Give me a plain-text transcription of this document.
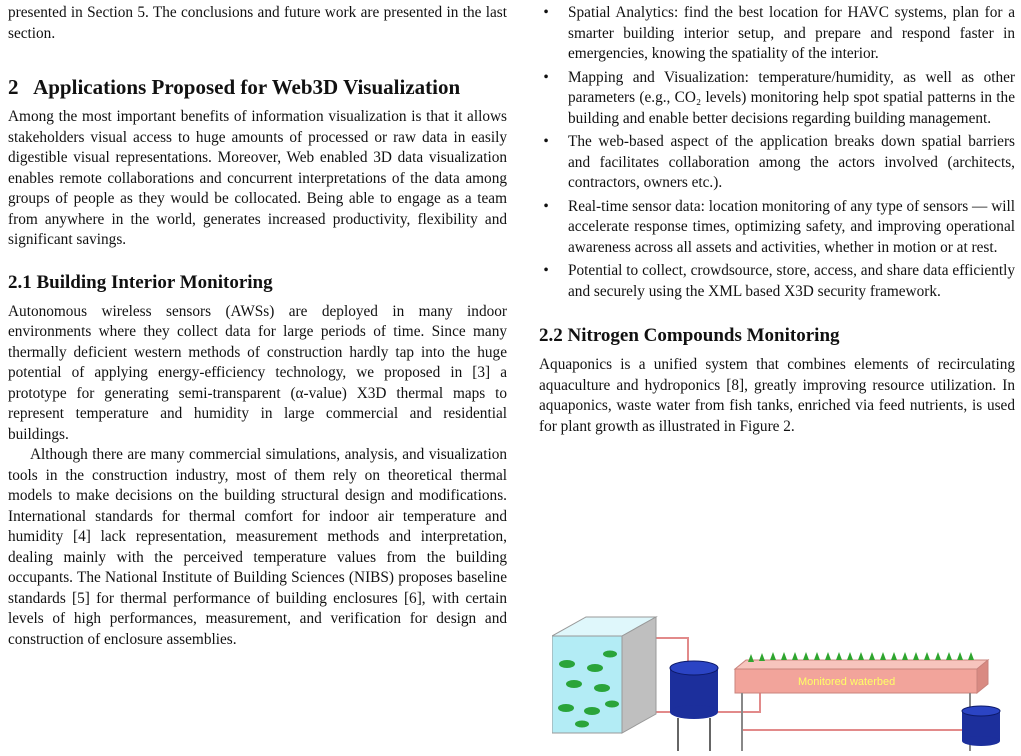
presented in Section 5. The conclusions and future work are presented in the last section.

2   Applications Proposed for Web3D Visualization

Among the most important benefits of information visualization is that it allows stakeholders visual access to huge amounts of processed or raw data in easily digestible visual representations. Moreover, Web enabled 3D data visualization enables remote collaborations and concurrent interpretations of the data among groups of people as they would be collocated. Being able to engage as a team from anywhere in the world, generates increased productivity, flexibility and significant savings.

2.1 Building Interior Monitoring

Autonomous wireless sensors (AWSs) are deployed in many indoor environments where they collect data for large periods of time. Since many thermally deficient western methods of construction hardly tap into the huge potential of applying energy-efficiency technology, we proposed in [3] a prototype for generating semi-transparent (α-value) X3D thermal maps to represent temperature and humidity in large commercial and residential buildings.

Although there are many commercial simulations, analysis, and visualization tools in the construction industry, most of them rely on theoretical thermal models to make decisions on the building structural design and modifications. International standards for thermal comfort for indoor air temperature and humidity [4] lack representation, measurement methods and interpretation, dealing mainly with the perceived temperature values from the building occupants. The National Institute of Building Sciences (NIBS) proposes baseline standards [5] for thermal performance of building enclosures [6], with certain levels of high performances, measurement, and verification for design and construction of enclosure assemblies.

• Spatial Analytics: find the best location for HAVC systems, plan for a smarter building interior setup, and prepare and respond faster in emergencies, knowing the spatiality of the interior.
• Mapping and Visualization: temperature/humidity, as well as other parameters (e.g., CO₂ levels) monitoring help spot spatial patterns in the building and enable better decisions regarding building management.
• The web-based aspect of the application breaks down spatial barriers and facilitates collaboration among the actors involved (architects, contractors, owners etc.).
• Real-time sensor data: location monitoring of any type of sensors — will accelerate response times, optimizing safety, and improving operational awareness across all assets and activities, whether in motion or at rest.
• Potential to collect, crowdsource, store, access, and share data efficiently and securely using the XML based X3D security framework.
2.2 Nitrogen Compounds Monitoring

Aquaponics is a unified system that combines elements of recirculating aquaculture and hydroponics [8], greatly improving resource utilization. In aquaponics, waste water from fish tanks, enriched via feed nutrients, is used for plant growth as illustrated in Figure 2.

Monitored waterbed
